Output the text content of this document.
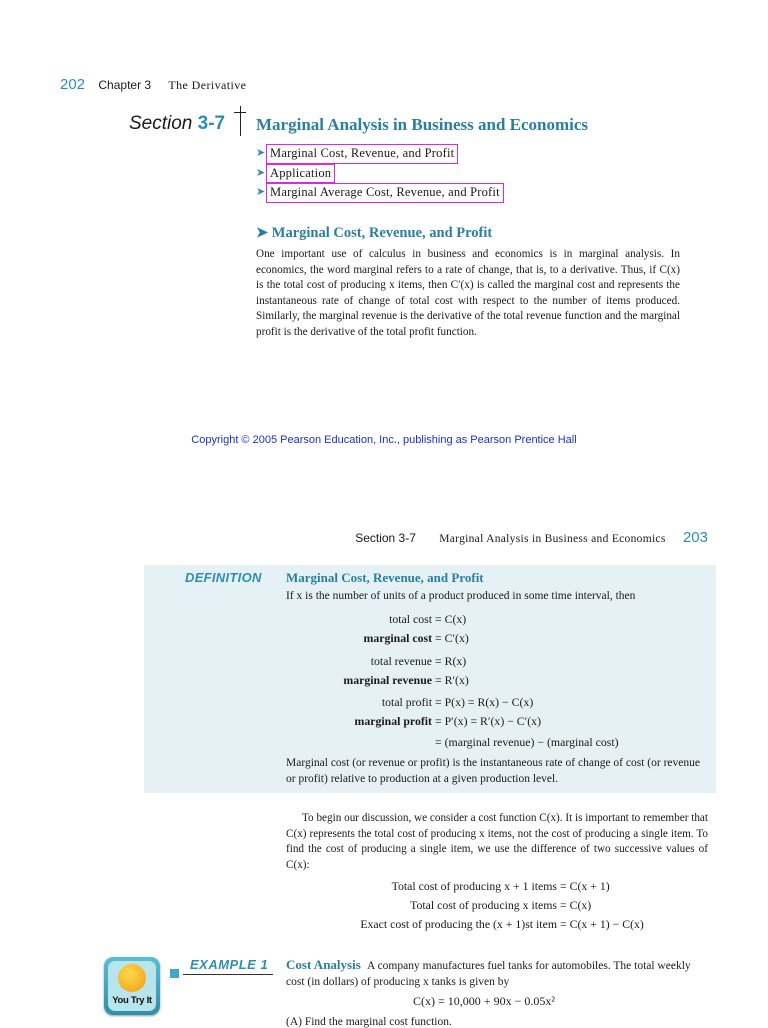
202 Chapter 3 The Derivative
Section 3-7 Marginal Analysis in Business and Economics
➤ Marginal Cost, Revenue, and Profit
➤ Application
➤ Marginal Average Cost, Revenue, and Profit
➤ Marginal Cost, Revenue, and Profit
One important use of calculus in business and economics is in marginal analysis. In economics, the word marginal refers to a rate of change, that is, to a derivative. Thus, if C(x) is the total cost of producing x items, then C′(x) is called the marginal cost and represents the instantaneous rate of change of total cost with respect to the number of items produced. Similarly, the marginal revenue is the derivative of the total revenue function and the marginal profit is the derivative of the total profit function.
Copyright © 2005 Pearson Education, Inc., publishing as Pearson Prentice Hall
Section 3-7 Marginal Analysis in Business and Economics 203
DEFINITION Marginal Cost, Revenue, and Profit
If x is the number of units of a product produced in some time interval, then
total cost = C(x)
marginal cost = C′(x)
total revenue = R(x)
marginal revenue = R′(x)
total profit = P(x) = R(x) − C(x)
marginal profit = P′(x) = R′(x) − C′(x)
= (marginal revenue) − (marginal cost)
Marginal cost (or revenue or profit) is the instantaneous rate of change of cost (or revenue or profit) relative to production at a given production level.
To begin our discussion, we consider a cost function C(x). It is important to remember that C(x) represents the total cost of producing x items, not the cost of producing a single item. To find the cost of producing a single item, we use the difference of two successive values of C(x):
Total cost of producing x + 1 items = C(x + 1)
Total cost of producing x items = C(x)
Exact cost of producing the (x + 1)st item = C(x + 1) − C(x)
You Try It
EXAMPLE 1 Cost Analysis A company manufactures fuel tanks for automobiles. The total weekly cost (in dollars) of producing x tanks is given by
C(x) = 10,000 + 90x − 0.05x²
(A) Find the marginal cost function.
